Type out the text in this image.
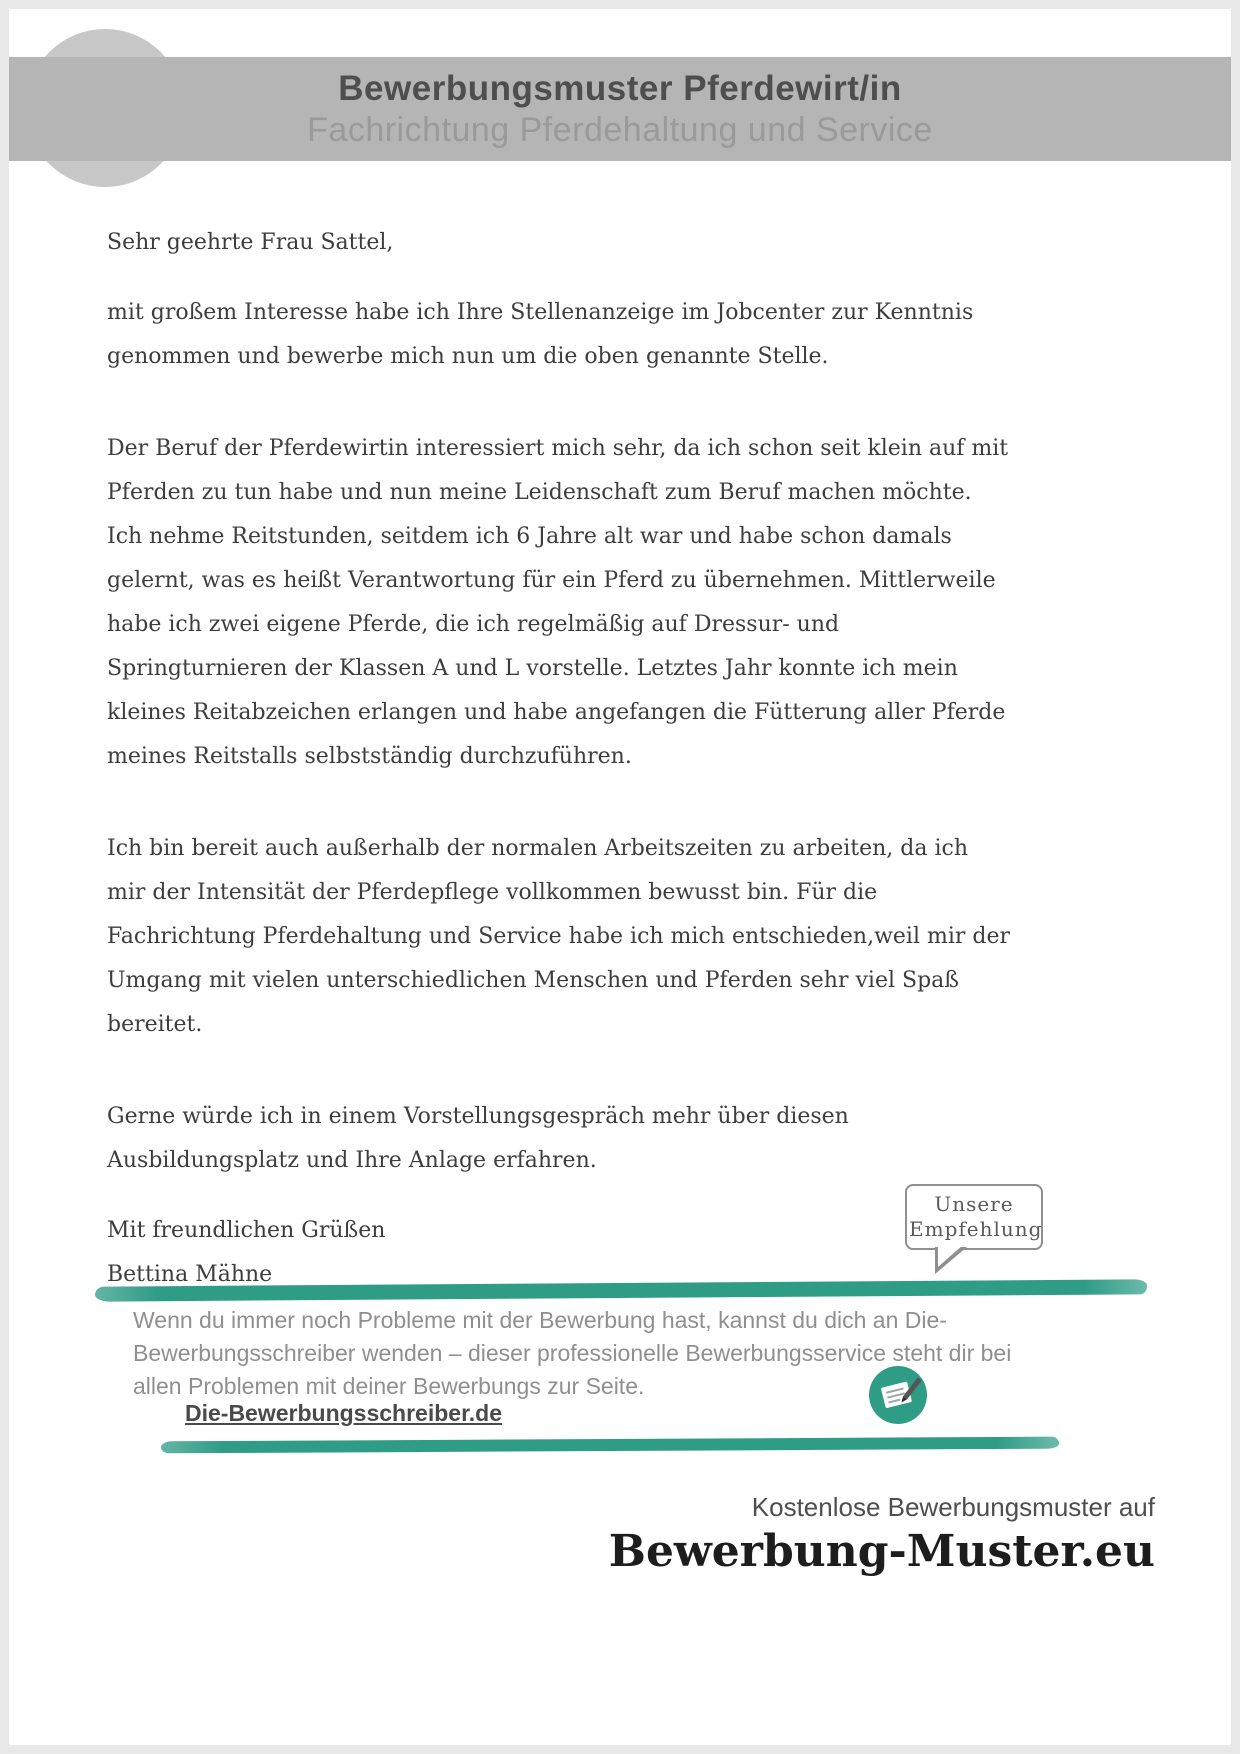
Bewerbungsmuster Pferdewirt/in
Fachrichtung Pferdehaltung und Service

Sehr geehrte Frau Sattel,

mit großem Interesse habe ich Ihre Stellenanzeige im Jobcenter zur Kenntnis genommen und bewerbe mich nun um die oben genannte Stelle.

Der Beruf der Pferdewirtin interessiert mich sehr, da ich schon seit klein auf mit Pferden zu tun habe und nun meine Leidenschaft zum Beruf machen möchte. Ich nehme Reitstunden, seitdem ich 6 Jahre alt war und habe schon damals gelernt, was es heißt Verantwortung für ein Pferd zu übernehmen. Mittlerweile habe ich zwei eigene Pferde, die ich regelmäßig auf Dressur- und Springturnieren der Klassen A und L vorstelle. Letztes Jahr konnte ich mein kleines Reitabzeichen erlangen und habe angefangen die Fütterung aller Pferde meines Reitstalls selbstständig durchzuführen.

Ich bin bereit auch außerhalb der normalen Arbeitszeiten zu arbeiten, da ich mir der Intensität der Pferdepflege vollkommen bewusst bin. Für die Fachrichtung Pferdehaltung und Service habe ich mich entschieden,weil mir der Umgang mit vielen unterschiedlichen Menschen und Pferden sehr viel Spaß bereitet.

Gerne würde ich in einem Vorstellungsgespräch mehr über diesen Ausbildungsplatz und Ihre Anlage erfahren.

Mit freundlichen Grüßen

Bettina Mähne

Unsere Empfehlung
Wenn du immer noch Probleme mit der Bewerbung hast, kannst du dich an Die-Bewerbungsschreiber wenden – dieser professionelle Bewerbungsservice steht dir bei allen Problemen mit deiner Bewerbungs zur Seite.
Die-Bewerbungsschreiber.de
Kostenlose Bewerbungsmuster auf
Bewerbung-Muster.eu
